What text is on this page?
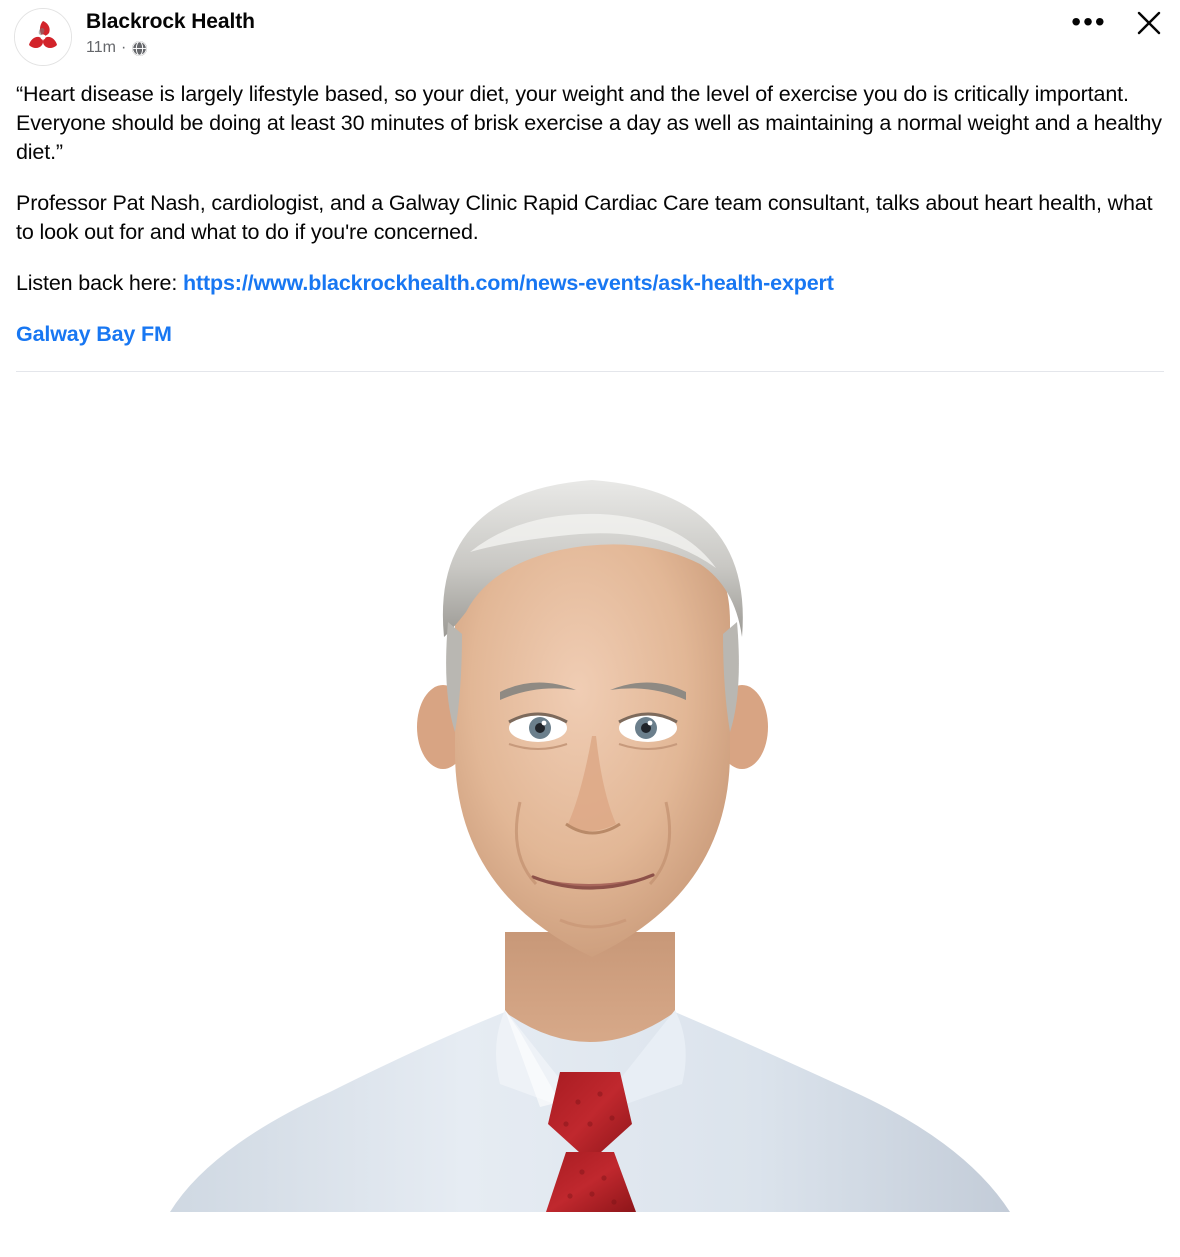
Blackrock Health
11m ·
•••

“Heart disease is largely lifestyle based, so your diet, your weight and the level of exercise you do is critically important. Everyone should be doing at least 30 minutes of brisk exercise a day as well as maintaining a normal weight and a healthy diet.”

Professor Pat Nash, cardiologist, and a Galway Clinic Rapid Cardiac Care team consultant, talks about heart health, what to look out for and what to do if you're concerned.

Listen back here: https://www.blackrockhealth.com/news-events/ask-health-expert

Galway Bay FM
